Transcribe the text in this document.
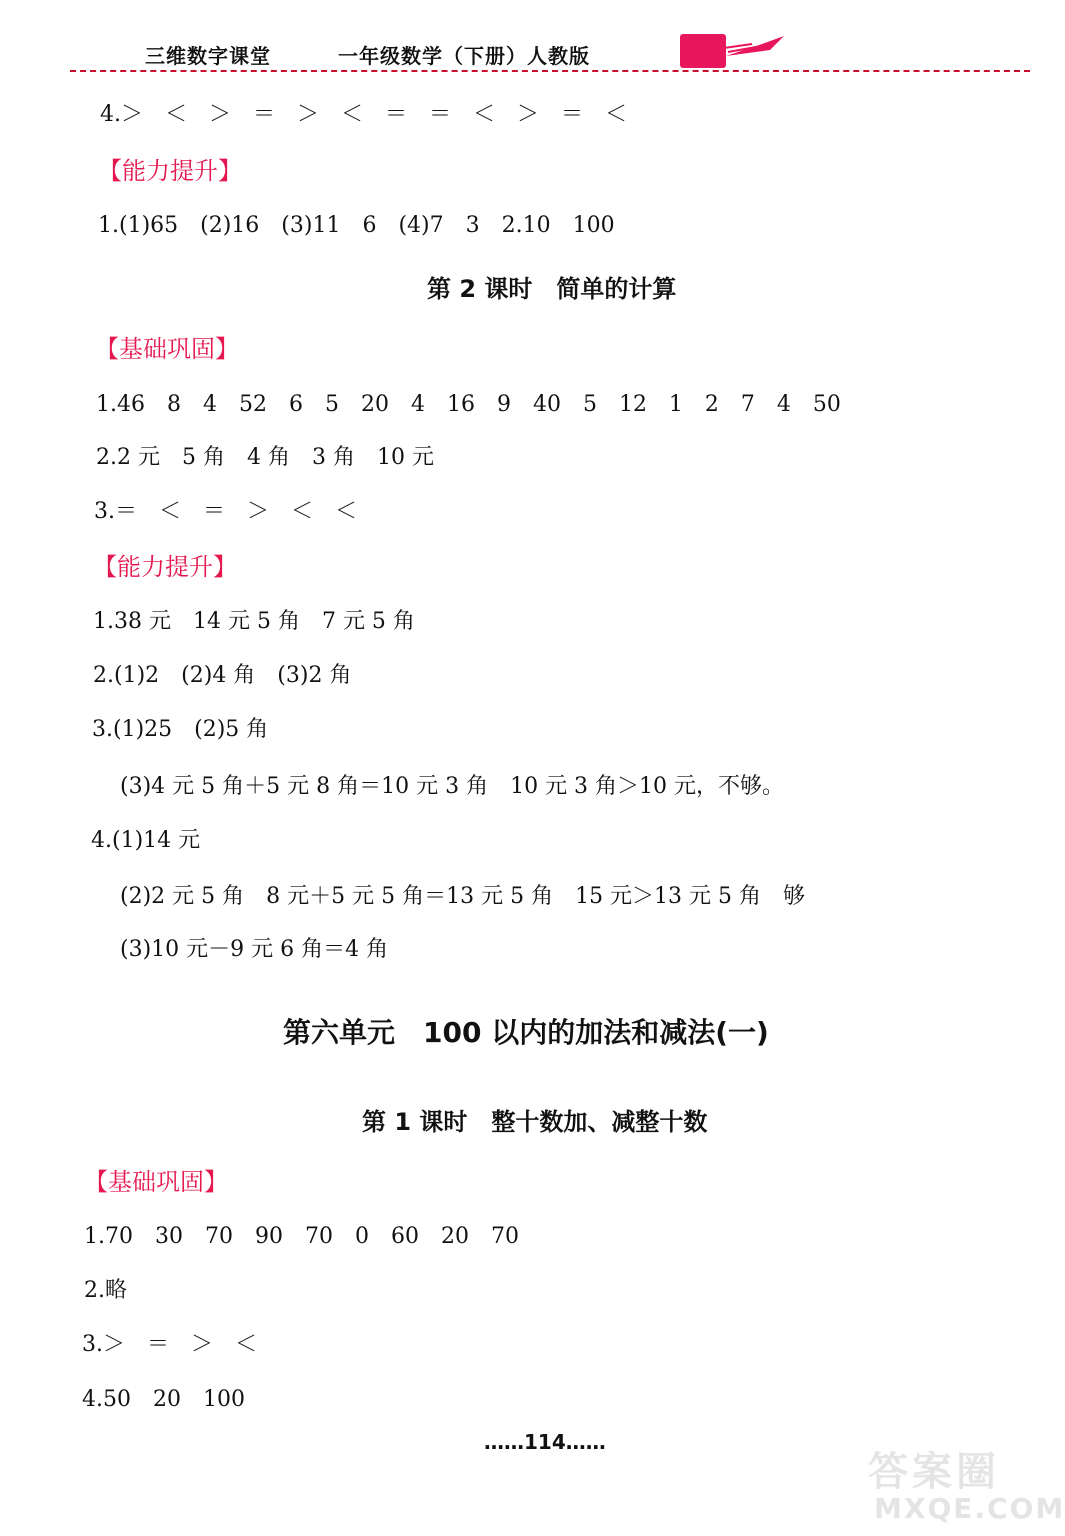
三维数字课堂	一年级数学（下册）人教版
4.＞　＜　＞　＝　＞　＜　＝　＝　＜　＞　＝　＜
【能力提升】
1.(1)65　(2)16　(3)11　6　(4)7　3　2.10　100
第 2 课时　简单的计算
【基础巩固】
1.46　8　4　52　6　5　20　4　16　9　40　5　12　1　2　7　4　50
2.2 元　5 角　4 角　3 角　10 元
3.＝　＜　＝　＞　＜　＜
【能力提升】
1.38 元　14 元 5 角　7 元 5 角
2.(1)2　(2)4 角　(3)2 角
3.(1)25　(2)5 角
(3)4 元 5 角＋5 元 8 角＝10 元 3 角　10 元 3 角＞10 元，不够。
4.(1)14 元
(2)2 元 5 角　8 元＋5 元 5 角＝13 元 5 角　15 元＞13 元 5 角　够
(3)10 元－9 元 6 角＝4 角
第六单元　100 以内的加法和减法(一)
第 1 课时　整十数加、减整十数
【基础巩固】
1.70　30　70　90　70　0　60　20　70
2.略
3.＞　＝　＞　＜
4.50　20　100
……114……
答案圈
MXQE.COM
